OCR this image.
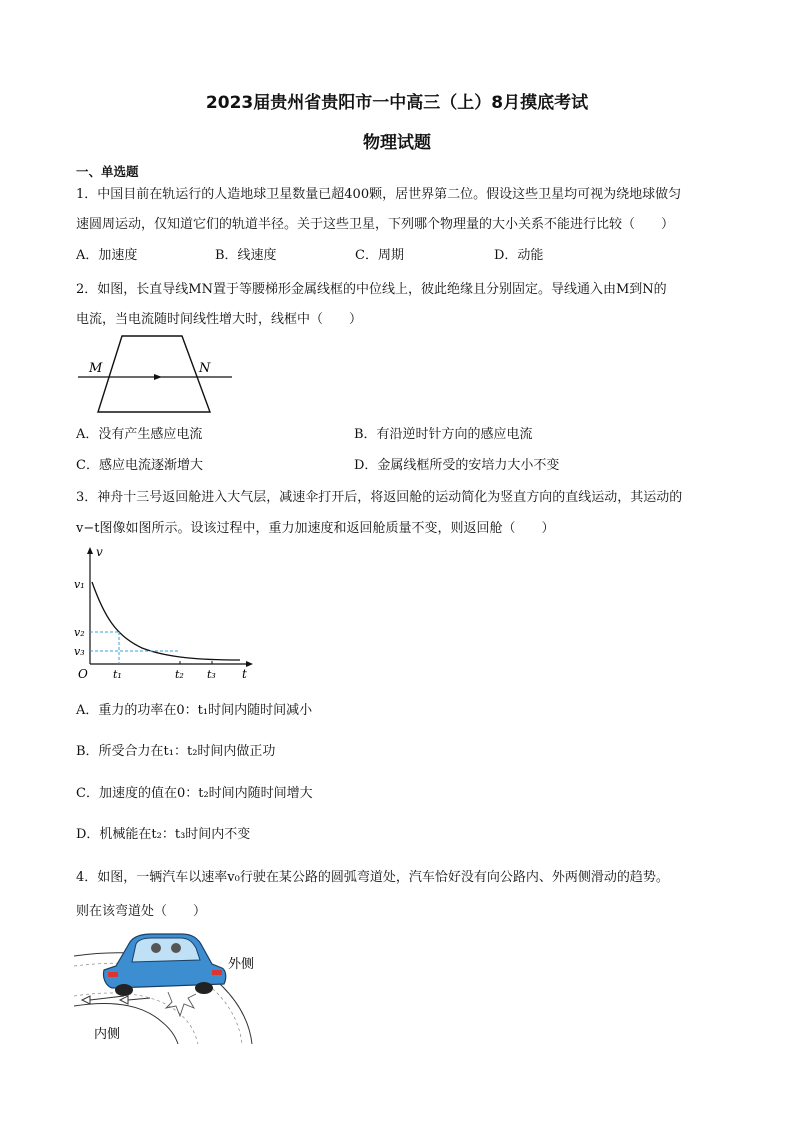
2023届贵州省贵阳市一中高三（上）8月摸底考试
物理试题
一、单选题
1．中国目前在轨运行的人造地球卫星数量已超400颗，居世界第二位。假设这些卫星均可视为绕地球做匀
速圆周运动，仅知道它们的轨道半径。关于这些卫星，下列哪个物理量的大小关系不能进行比较（　　）
A．加速度	B．线速度	C．周期	D．动能
2．如图，长直导线MN置于等腰梯形金属线框的中位线上，彼此绝缘且分别固定。导线通入由M到N的
电流，当电流随时间线性增大时，线框中（　　）
M	N
A．没有产生感应电流	B．有沿逆时针方向的感应电流
C．感应电流逐渐增大	D．金属线框所受的安培力大小不变
3．神舟十三号返回舱进入大气层，减速伞打开后，将返回舱的运动简化为竖直方向的直线运动，其运动的
v−t图像如图所示。设该过程中，重力加速度和返回舱质量不变，则返回舱（　　）
v
t
O
v₁
v₂
v₃
t₁	t₂ t₃
A．重力的功率在0：t₁时间内随时间减小
B．所受合力在t₁：t₂时间内做正功
C．加速度的值在0：t₂时间内随时间增大
D．机械能在t₂：t₃时间内不变
4．如图，一辆汽车以速率v₀行驶在某公路的圆弧弯道处，汽车恰好没有向公路内、外两侧滑动的趋势。
则在该弯道处（　　）
外侧
内侧
